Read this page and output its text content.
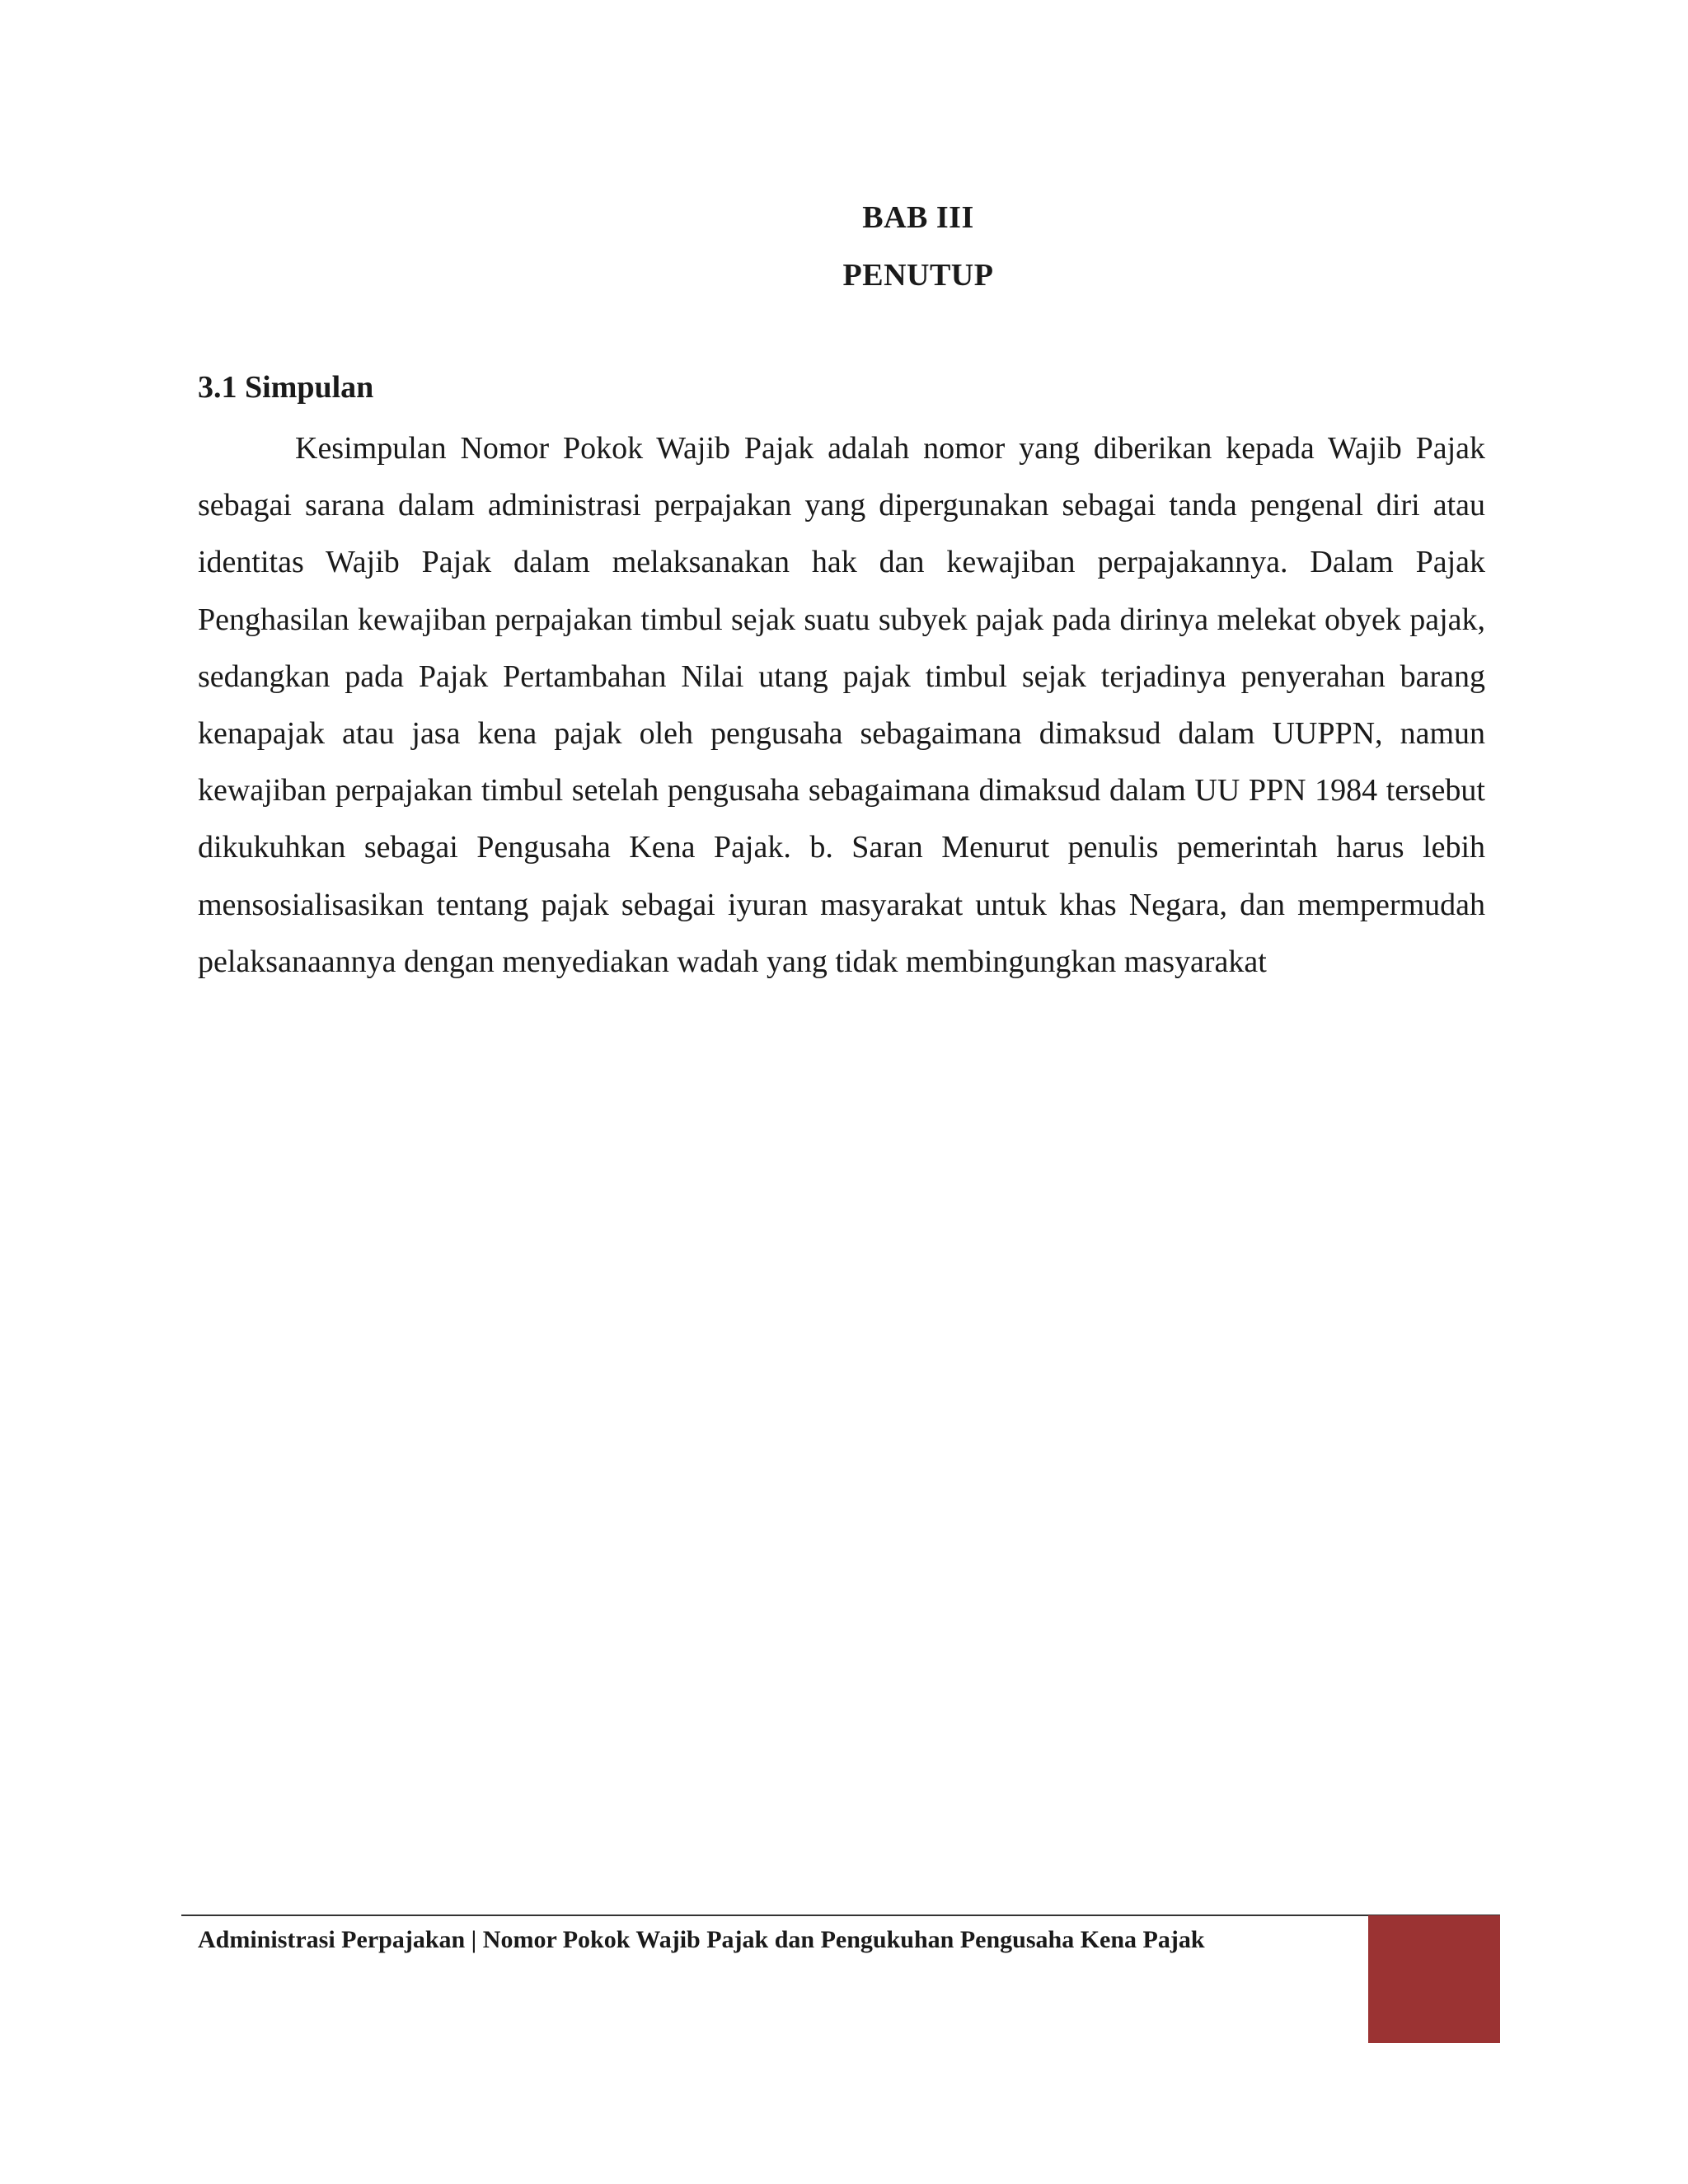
BAB III
PENUTUP
3.1 Simpulan

Kesimpulan Nomor Pokok Wajib Pajak adalah nomor yang diberikan kepada Wajib Pajak sebagai sarana dalam administrasi perpajakan yang dipergunakan sebagai tanda pengenal diri atau identitas Wajib Pajak dalam melaksanakan hak dan kewajiban perpajakannya. Dalam Pajak Penghasilan kewajiban perpajakan timbul sejak suatu subyek pajak pada dirinya melekat obyek pajak, sedangkan pada Pajak Pertambahan Nilai utang pajak timbul sejak terjadinya penyerahan barang kenapajak atau jasa kena pajak oleh pengusaha sebagaimana dimaksud dalam UUPPN, namun kewajiban perpajakan timbul setelah pengusaha sebagaimana dimaksud dalam UU PPN 1984 tersebut dikukuhkan sebagai Pengusaha Kena Pajak. b. Saran Menurut penulis pemerintah harus lebih mensosialisasikan tentang pajak sebagai iyuran masyarakat untuk khas Negara, dan mempermudah pelaksanaannya dengan menyediakan wadah yang tidak membingungkan masyarakat

Administrasi Perpajakan | Nomor Pokok Wajib Pajak dan Pengukuhan Pengusaha Kena Pajak
